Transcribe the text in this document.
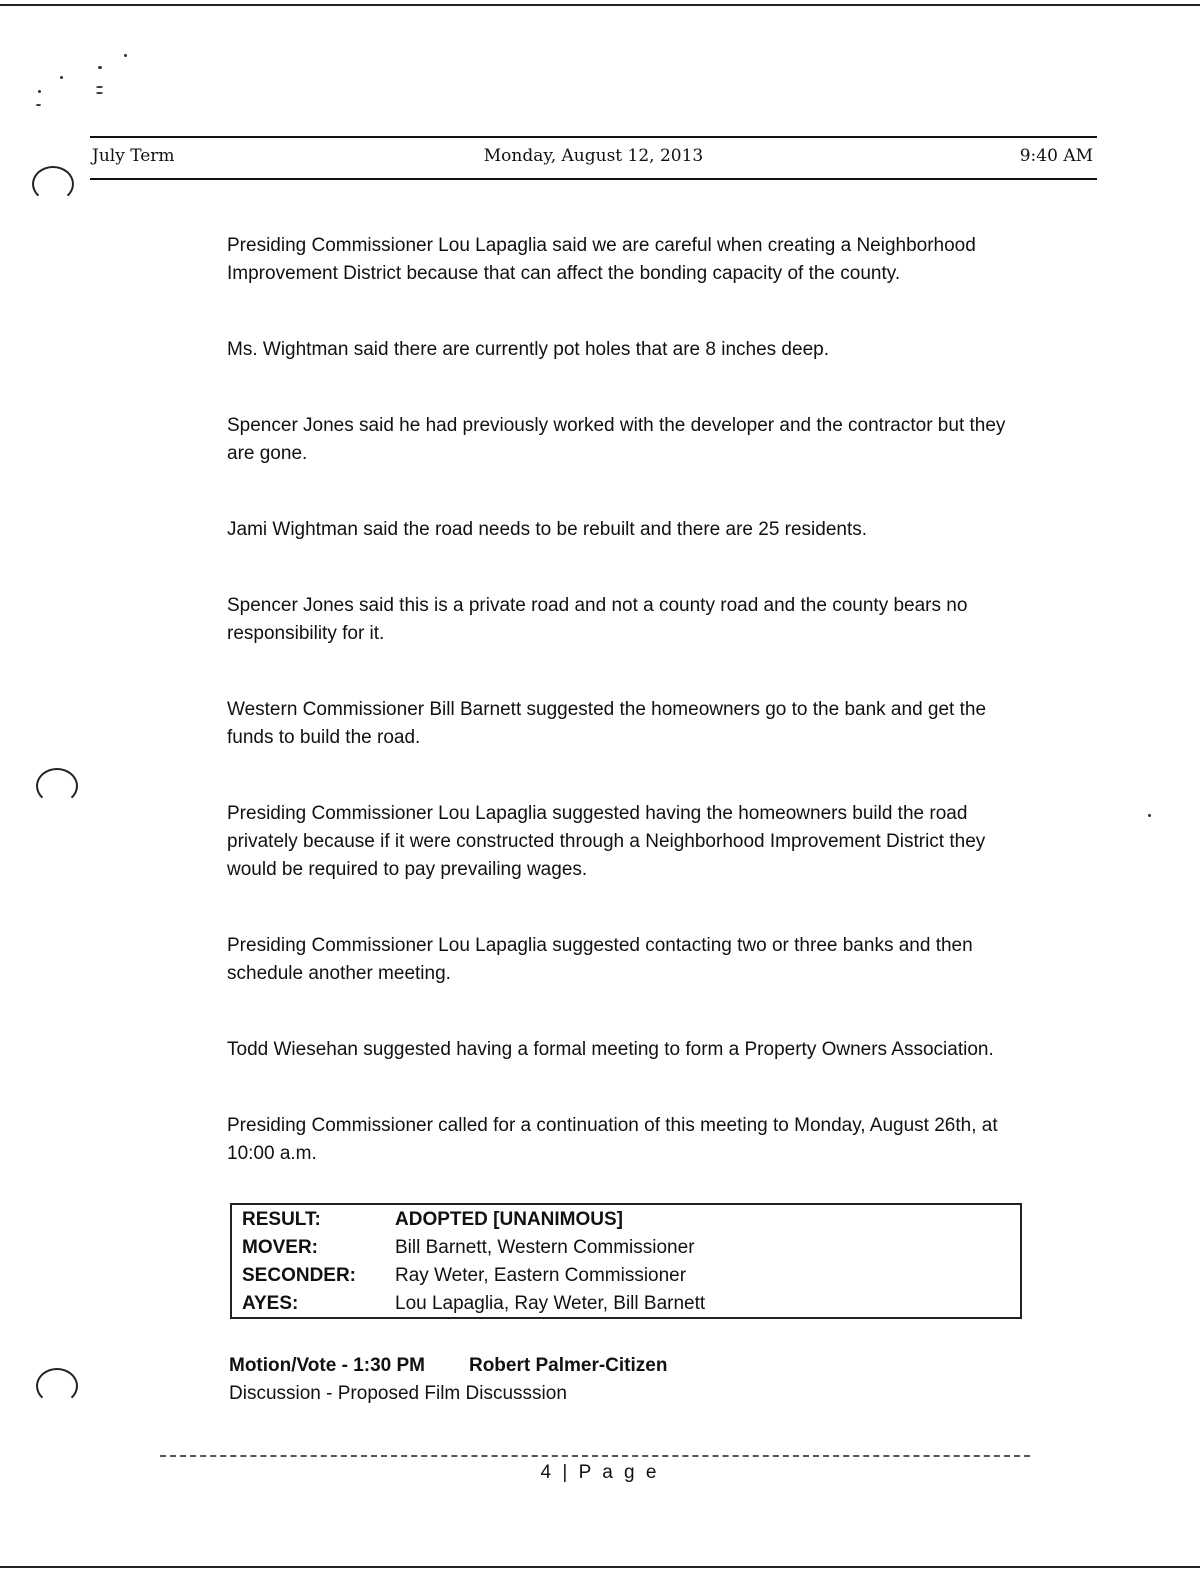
July Term	Monday, August 12, 2013	9:40 AM

Presiding Commissioner Lou Lapaglia said we are careful when creating a Neighborhood Improvement District because that can affect the bonding capacity of the county.

Ms. Wightman said there are currently pot holes that are 8 inches deep.

Spencer Jones said he had previously worked with the developer and the contractor but they are gone.

Jami Wightman said the road needs to be rebuilt and there are 25 residents.

Spencer Jones said this is a private road and not a county road and the county bears no responsibility for it.

Western Commissioner Bill Barnett suggested the homeowners go to the bank and get the funds to build the road.

Presiding Commissioner Lou Lapaglia suggested having the homeowners build the road privately because if it were constructed through a Neighborhood Improvement District they would be required to pay prevailing wages.

Presiding Commissioner Lou Lapaglia suggested contacting two or three banks and then schedule another meeting.

Todd Wiesehan suggested having a formal meeting to form a Property Owners Association.

Presiding Commissioner called for a continuation of this meeting to Monday, August 26th, at 10:00 a.m.

RESULT:	ADOPTED [UNANIMOUS]
MOVER:	Bill Barnett, Western Commissioner
SECONDER:	Ray Weter, Eastern Commissioner
AYES:	Lou Lapaglia, Ray Weter, Bill Barnett
Motion/Vote - 1:30 PM Robert Palmer-Citizen
Discussion - Proposed Film Discusssion
4 | P a g e
